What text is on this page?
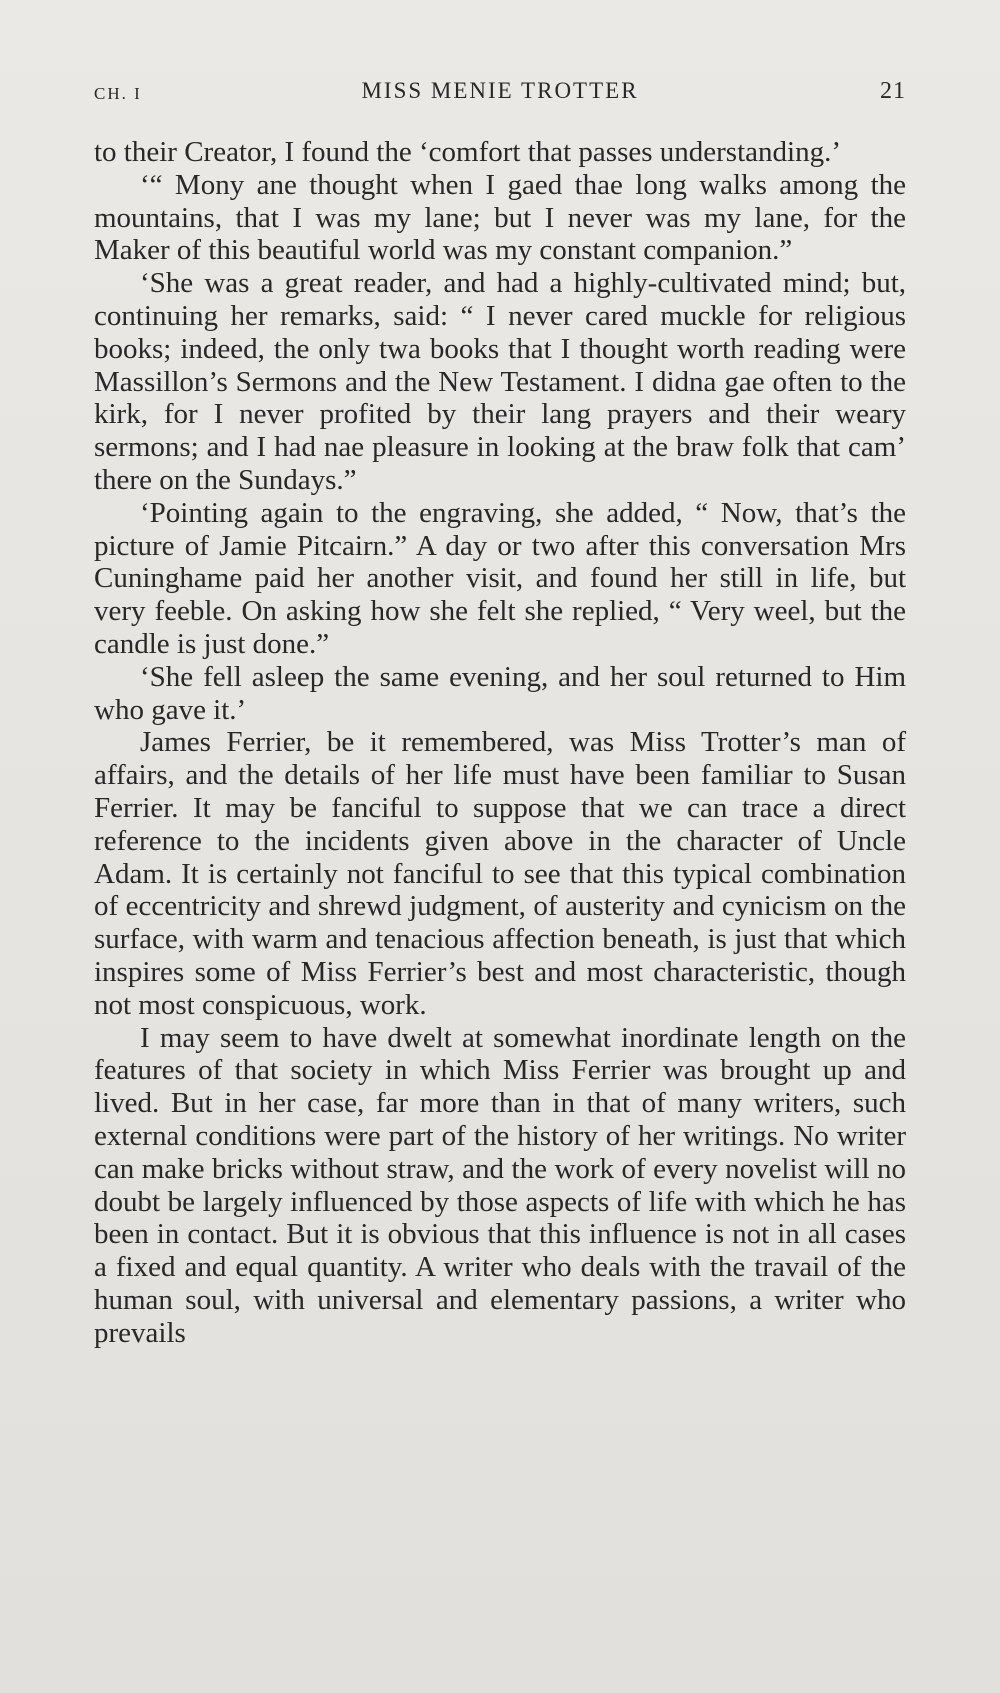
CH. I	MISS MENIE TROTTER	21

to their Creator, I found the ‘comfort that passes understanding.’

‘“ Mony ane thought when I gaed thae long walks among the mountains, that I was my lane; but I never was my lane, for the Maker of this beautiful world was my constant companion.”

‘She was a great reader, and had a highly-cultivated mind; but, continuing her remarks, said: “ I never cared muckle for religious books; indeed, the only twa books that I thought worth reading were Massillon’s Sermons and the New Testament. I didna gae often to the kirk, for I never profited by their lang prayers and their weary sermons; and I had nae pleasure in looking at the braw folk that cam’ there on the Sundays.”

‘Pointing again to the engraving, she added, “ Now, that’s the picture of Jamie Pitcairn.” A day or two after this conversation Mrs Cuninghame paid her another visit, and found her still in life, but very feeble. On asking how she felt she replied, “ Very weel, but the candle is just done.”

‘She fell asleep the same evening, and her soul returned to Him who gave it.’

James Ferrier, be it remembered, was Miss Trotter’s man of affairs, and the details of her life must have been familiar to Susan Ferrier. It may be fanciful to suppose that we can trace a direct reference to the incidents given above in the character of Uncle Adam. It is certainly not fanciful to see that this typical combination of eccentricity and shrewd judgment, of austerity and cynicism on the surface, with warm and tenacious affection beneath, is just that which inspires some of Miss Ferrier’s best and most characteristic, though not most conspicuous, work.

I may seem to have dwelt at somewhat inordinate length on the features of that society in which Miss Ferrier was brought up and lived. But in her case, far more than in that of many writers, such external conditions were part of the history of her writings. No writer can make bricks without straw, and the work of every novelist will no doubt be largely influenced by those aspects of life with which he has been in contact. But it is obvious that this influence is not in all cases a fixed and equal quantity. A writer who deals with the travail of the human soul, with universal and elementary passions, a writer who prevails
